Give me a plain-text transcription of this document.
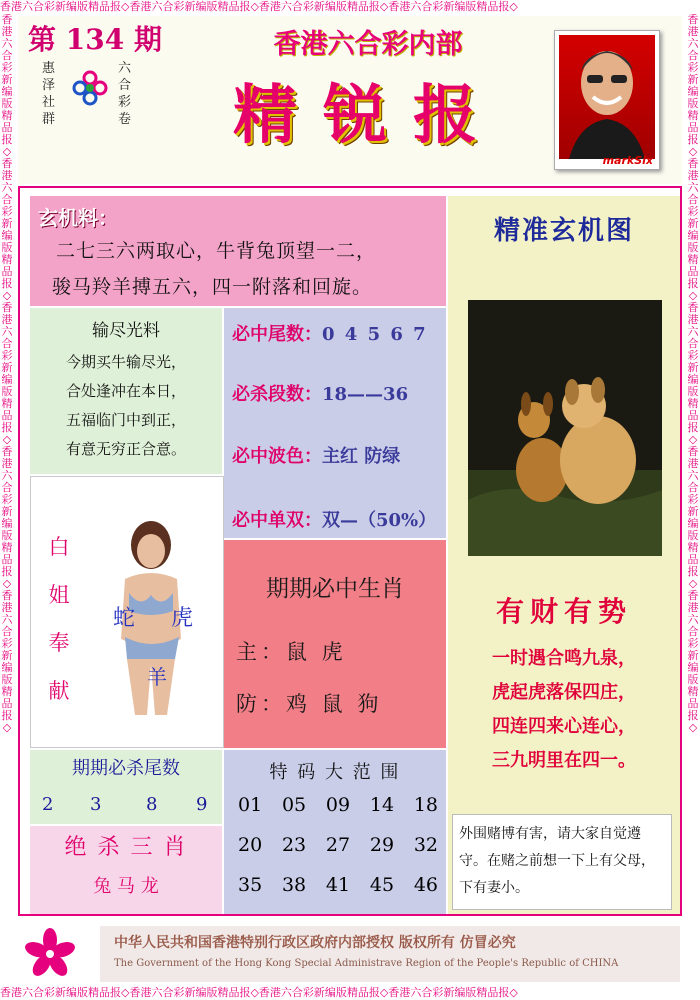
香港六合彩新编版精品报◇香港六合彩新编版精品报◇香港六合彩新编版精品报◇香港六合彩新编版精品报◇
香港六合彩新编版精品报◇香港六合彩新编版精品报◇香港六合彩新编版精品报◇香港六合彩新编版精品报◇
香港六合彩新编版精品报◇香港六合彩新编版精品报◇香港六合彩新编版精品报◇香港六合彩新编版精品报◇香港六合彩新编版精品报◇
香港六合彩新编版精品报◇香港六合彩新编版精品报◇香港六合彩新编版精品报◇香港六合彩新编版精品报◇香港六合彩新编版精品报◇
第 134 期
惠泽社群
六合彩卷
香港六合彩内部
精锐报
markSix
玄机料：
二七三六两取心，牛背兔顶望一二，
骏马羚羊搏五六，四一附落和回旋。
输尽光料
今期买牛输尽光，
合处逢冲在本日，
五福临门中到正，
有意无穷正合意。
必中尾数：0 4 5 6 7
必杀段数：18——36
必中波色：主红 防绿
必中单双：双—（50%）
白
姐
奉
献
蛇 虎
羊
期期必中生肖
主：鼠 虎
防：鸡 鼠 狗
期期必杀尾数
2 3 8 9
绝 杀 三 肖
兔 马 龙
特 码 大 范 围
01 05 09 14 18
20 23 27 29 32
35 38 41 45 46
精准玄机图
有财有势
一时遇合鸣九泉，
虎起虎落保四庄，
四连四来心连心，
三九明里在四一。
外围赌博有害，请大家自觉遵守。在赌之前想一下上有父母，下有妻小。
中华人民共和国香港特别行政区政府内部授权 版权所有 仿冒必究
The Government of the Hong Kong Special Administrave Region of the People's Republic of CHINA
